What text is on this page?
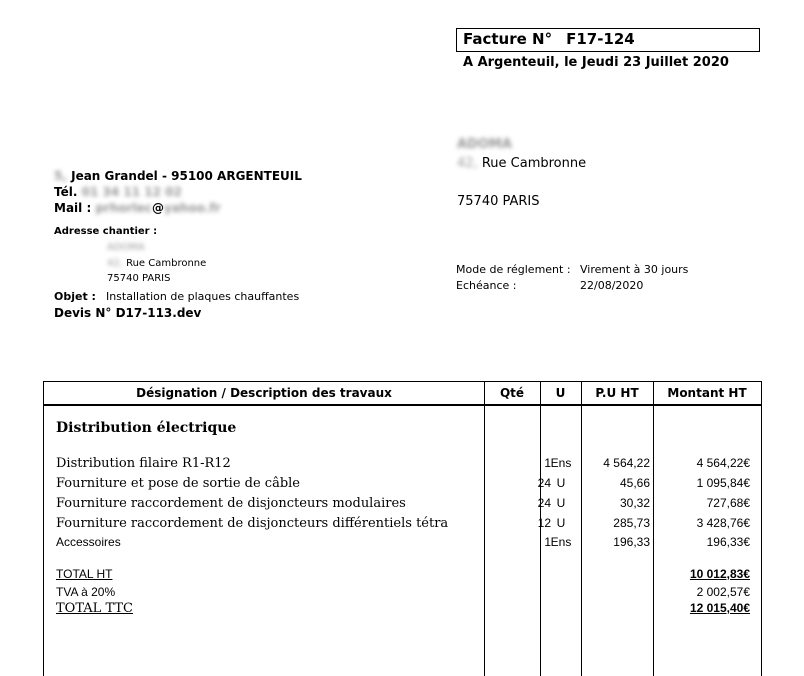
Facture N° F17-124
A Argenteuil, le Jeudi 23 Juillet 2020
ADOMA
42, Rue Cambronne
75740 PARIS
5, Jean Grandel - 95100 ARGENTEUIL
Tél. 01 34 11 12 02
Mail : prhorlec@yahoo.fr
Adresse chantier :
ADOMA
42, Rue Cambronne
75740 PARIS
Objet : Installation de plaques chauffantes
Devis N° D17-113.dev
Mode de réglement : Virement à 30 jours
Echéance :	22/08/2020
Désignation / Description des travaux	Qté	U	P.U HT	Montant HT
Distribution électrique
Distribution filaire R1-R12	1 Ens	4 564,22	4 564,22€
Fourniture et pose de sortie de câble	24 U	45,66	1 095,84€
Fourniture raccordement de disjoncteurs modulaires	24 U	30,32	727,68€
Fourniture raccordement de disjoncteurs différentiels tétra	12 U	285,73	3 428,76€
Accessoires	1 Ens	196,33	196,33€
TOTAL HT	10 012,83€
TVA à 20%	2 002,57€
TOTAL TTC	12 015,40€
